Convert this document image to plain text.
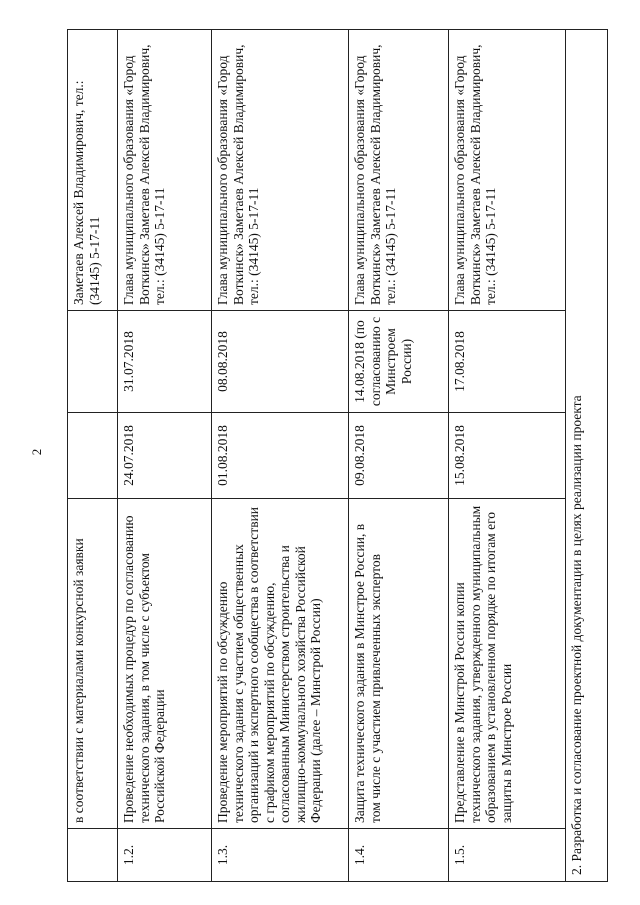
2
	в соответствии с материалами конкурсной заявки			Заметаев Алексей Владимирович, тел.: (34145) 5-17-11
1.2.	Проведение необходимых процедур по согласованию технического задания, в том числе с субъектом Российской Федерации	24.07.2018	31.07.2018	Глава муниципального образования «Город Воткинск» Заметаев Алексей Владимирович, тел.: (34145) 5-17-11
1.3.	Проведение мероприятий по обсуждению технического задания с участием общественных организаций и экспертного сообщества в соответствии с графиком мероприятий по обсуждению, согласованным Министерством строительства и жилищно-коммунального хозяйства Российской Федерации (далее – Минстрой России)	01.08.2018	08.08.2018	Глава муниципального образования «Город Воткинск» Заметаев Алексей Владимирович, тел.: (34145) 5-17-11
1.4.	Защита технического задания в Минстрое России, в том числе с участием привлеченных экспертов	09.08.2018	14.08.2018 (по согласованию с Минстроем России)	Глава муниципального образования «Город Воткинск» Заметаев Алексей Владимирович, тел.: (34145) 5-17-11
1.5.	Представление в Минстрой России копии технического задания, утвержденного муниципальным образованием в установленном порядке по итогам его защиты в Минстрое России	15.08.2018	17.08.2018	Глава муниципального образования «Город Воткинск» Заметаев Алексей Владимирович, тел.: (34145) 5-17-11
2. Разработка и согласование проектной документации в целях реализации проекта				
